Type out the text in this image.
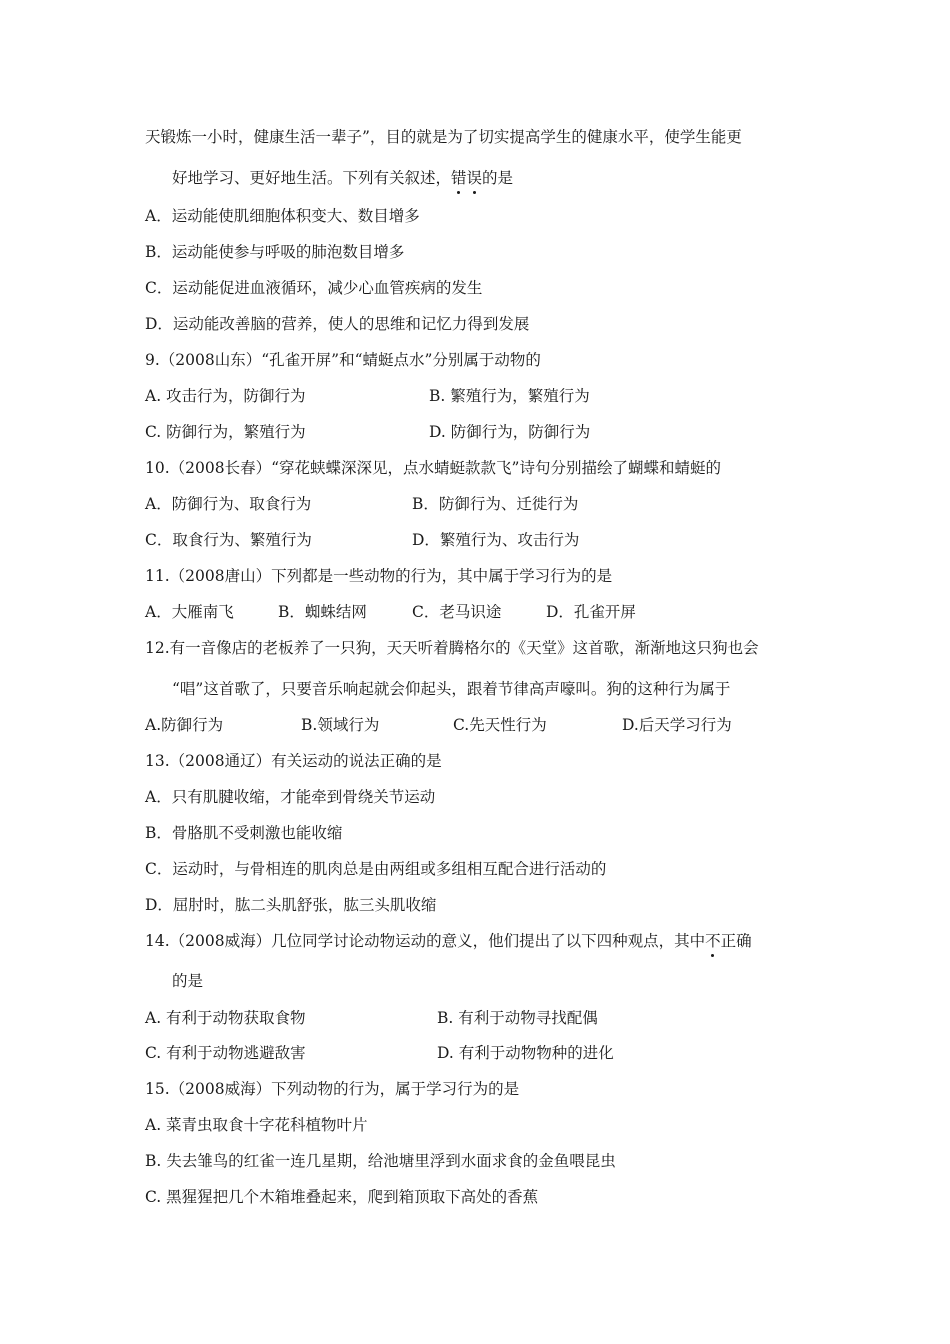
天锻炼一小时，健康生活一辈子”，目的就是为了切实提高学生的健康水平，使学生能更
好地学习、更好地生活。下列有关叙述，错误的是
A．运动能使肌细胞体积变大、数目增多
B．运动能使参与呼吸的肺泡数目增多
C．运动能促进血液循环，减少心血管疾病的发生
D．运动能改善脑的营养，使人的思维和记忆力得到发展
9.（2008山东）“孔雀开屏”和“蜻蜓点水”分别属于动物的
A. 攻击行为，防御行为	B. 繁殖行为，繁殖行为
C. 防御行为，繁殖行为	D. 防御行为，防御行为
10.（2008长春）“穿花蛱蝶深深见，点水蜻蜓款款飞”诗句分别描绘了蝴蝶和蜻蜓的
A．防御行为、取食行为	B．防御行为、迁徙行为
C．取食行为、繁殖行为	D．繁殖行为、攻击行为
11.（2008唐山）下列都是一些动物的行为，其中属于学习行为的是
A．大雁南飞	B．蜘蛛结网	C．老马识途	D．孔雀开屏
12.有一音像店的老板养了一只狗，天天听着腾格尔的《天堂》这首歌，渐渐地这只狗也会
“唱”这首歌了，只要音乐响起就会仰起头，跟着节律高声嚎叫。狗的这种行为属于
A.防御行为	B.领域行为	C.先天性行为	D.后天学习行为
13.（2008通辽）有关运动的说法正确的是
A．只有肌腱收缩，才能牵到骨绕关节运动
B．骨胳肌不受刺激也能收缩
C．运动时，与骨相连的肌肉总是由两组或多组相互配合进行活动的
D．屈肘时，肱二头肌舒张，肱三头肌收缩
14.（2008威海）几位同学讨论动物运动的意义，他们提出了以下四种观点，其中不正确
的是
A. 有利于动物获取食物	B. 有利于动物寻找配偶
C. 有利于动物逃避敌害	D. 有利于动物物种的进化
15.（2008威海）下列动物的行为，属于学习行为的是
A. 菜青虫取食十字花科植物叶片
B. 失去雏鸟的红雀一连几星期，给池塘里浮到水面求食的金鱼喂昆虫
C. 黑猩猩把几个木箱堆叠起来，爬到箱顶取下高处的香蕉
